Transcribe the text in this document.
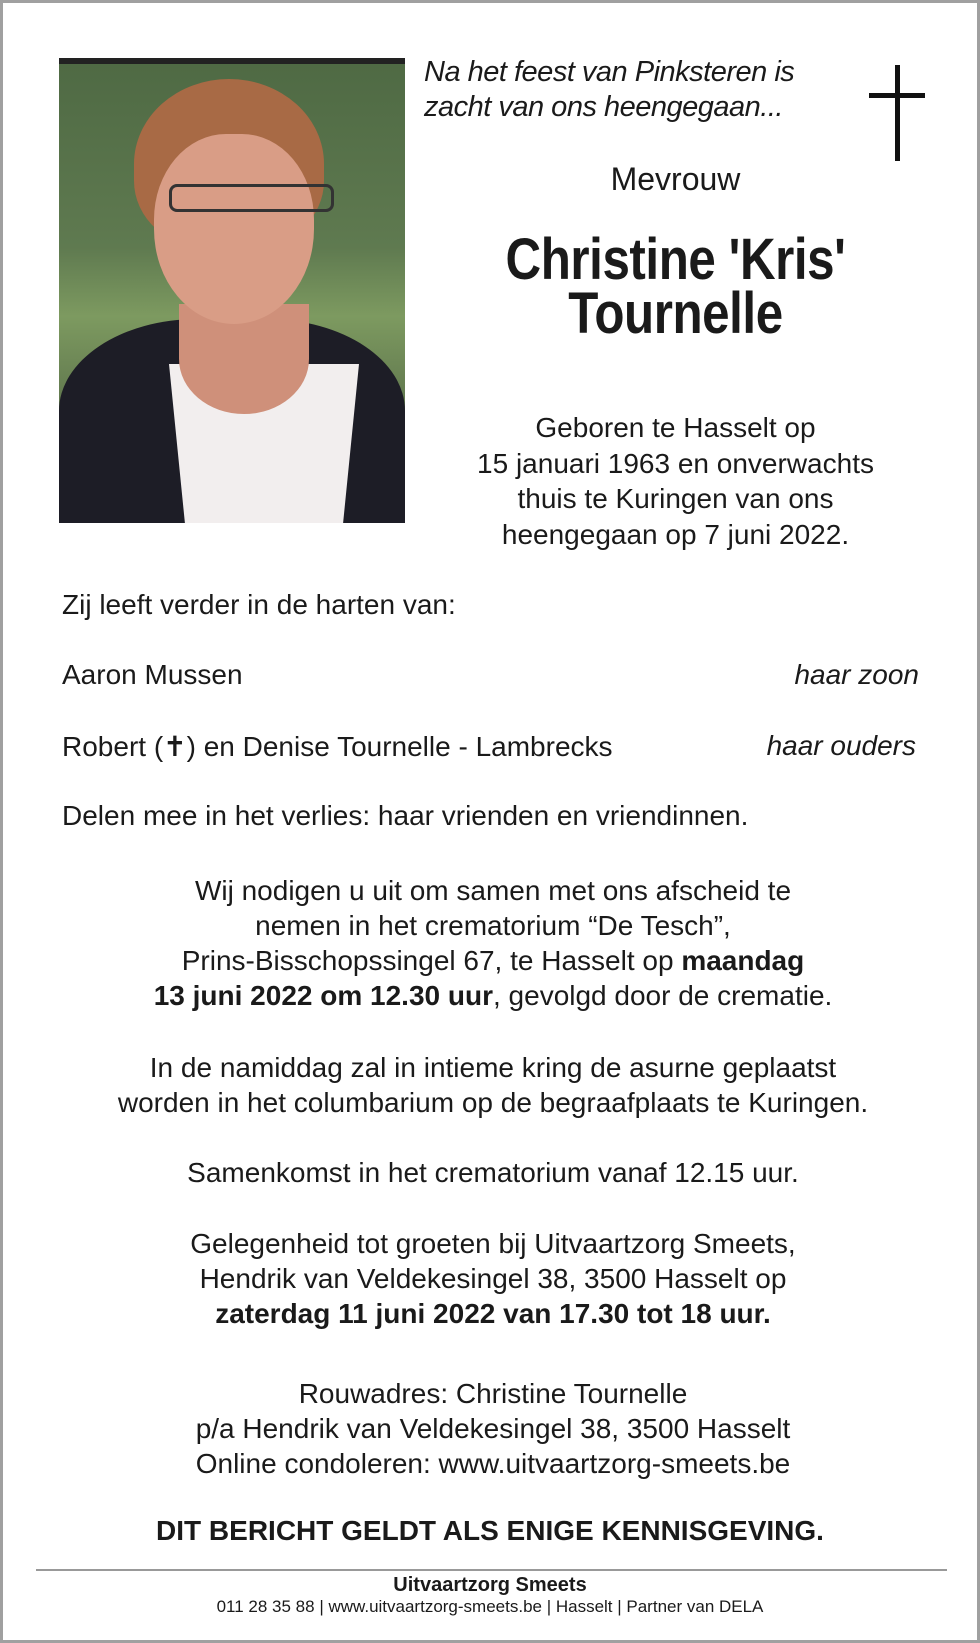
Na het feest van Pinksteren is
zacht van ons heengegaan...
Mevrouw
Christine 'Kris'
Tournelle
Geboren te Hasselt op
15 januari 1963 en onverwachts
thuis te Kuringen van ons
heengegaan op 7 juni 2022.
Zij leeft verder in de harten van:
Aaron Mussen	haar zoon
Robert (✝) en Denise Tournelle - Lambrecks	haar ouders
Delen mee in het verlies: haar vrienden en vriendinnen.
Wij nodigen u uit om samen met ons afscheid te
nemen in het crematorium “De Tesch”,
Prins-Bisschopssingel 67, te Hasselt op maandag
13 juni 2022 om 12.30 uur, gevolgd door de crematie.
In de namiddag zal in intieme kring de asurne geplaatst
worden in het columbarium op de begraafplaats te Kuringen.
Samenkomst in het crematorium vanaf 12.15 uur.
Gelegenheid tot groeten bij Uitvaartzorg Smeets,
Hendrik van Veldekesingel 38, 3500 Hasselt op
zaterdag 11 juni 2022 van 17.30 tot 18 uur.
Rouwadres: Christine Tournelle
p/a Hendrik van Veldekesingel 38, 3500 Hasselt
Online condoleren: www.uitvaartzorg-smeets.be
DIT BERICHT GELDT ALS ENIGE KENNISGEVING.
Uitvaartzorg Smeets
011 28 35 88 | www.uitvaartzorg-smeets.be | Hasselt | Partner van DELA
